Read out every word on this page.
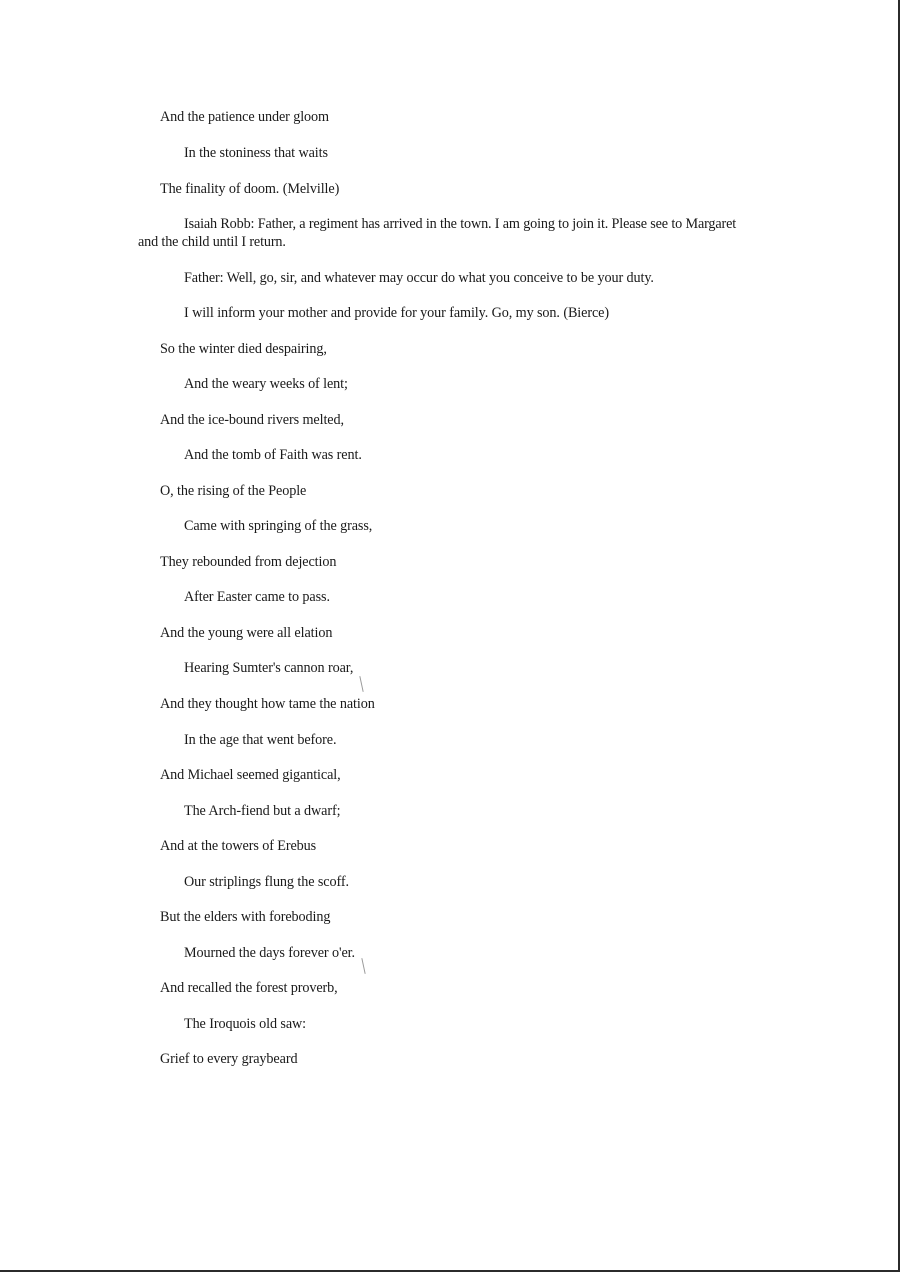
And the patience under gloom
In the stoniness that waits
The finality of doom. (Melville)
Isaiah Robb: Father, a regiment has arrived in the town. I am going to join it. Please see to Margaret and the child until I return.
Father: Well, go, sir, and whatever may occur do what you conceive to be your duty.
I will inform your mother and provide for your family. Go, my son. (Bierce)
So the winter died despairing,
And the weary weeks of lent;
And the ice-bound rivers melted,
And the tomb of Faith was rent.
O, the rising of the People
Came with springing of the grass,
They rebounded from dejection
After Easter came to pass.
And the young were all elation
Hearing Sumter's cannon roar,
And they thought how tame the nation
In the age that went before.
And Michael seemed gigantical,
The Arch-fiend but a dwarf;
And at the towers of Erebus
Our striplings flung the scoff.
But the elders with foreboding
Mourned the days forever o'er.
And recalled the forest proverb,
The Iroquois old saw:
Grief to every graybeard
